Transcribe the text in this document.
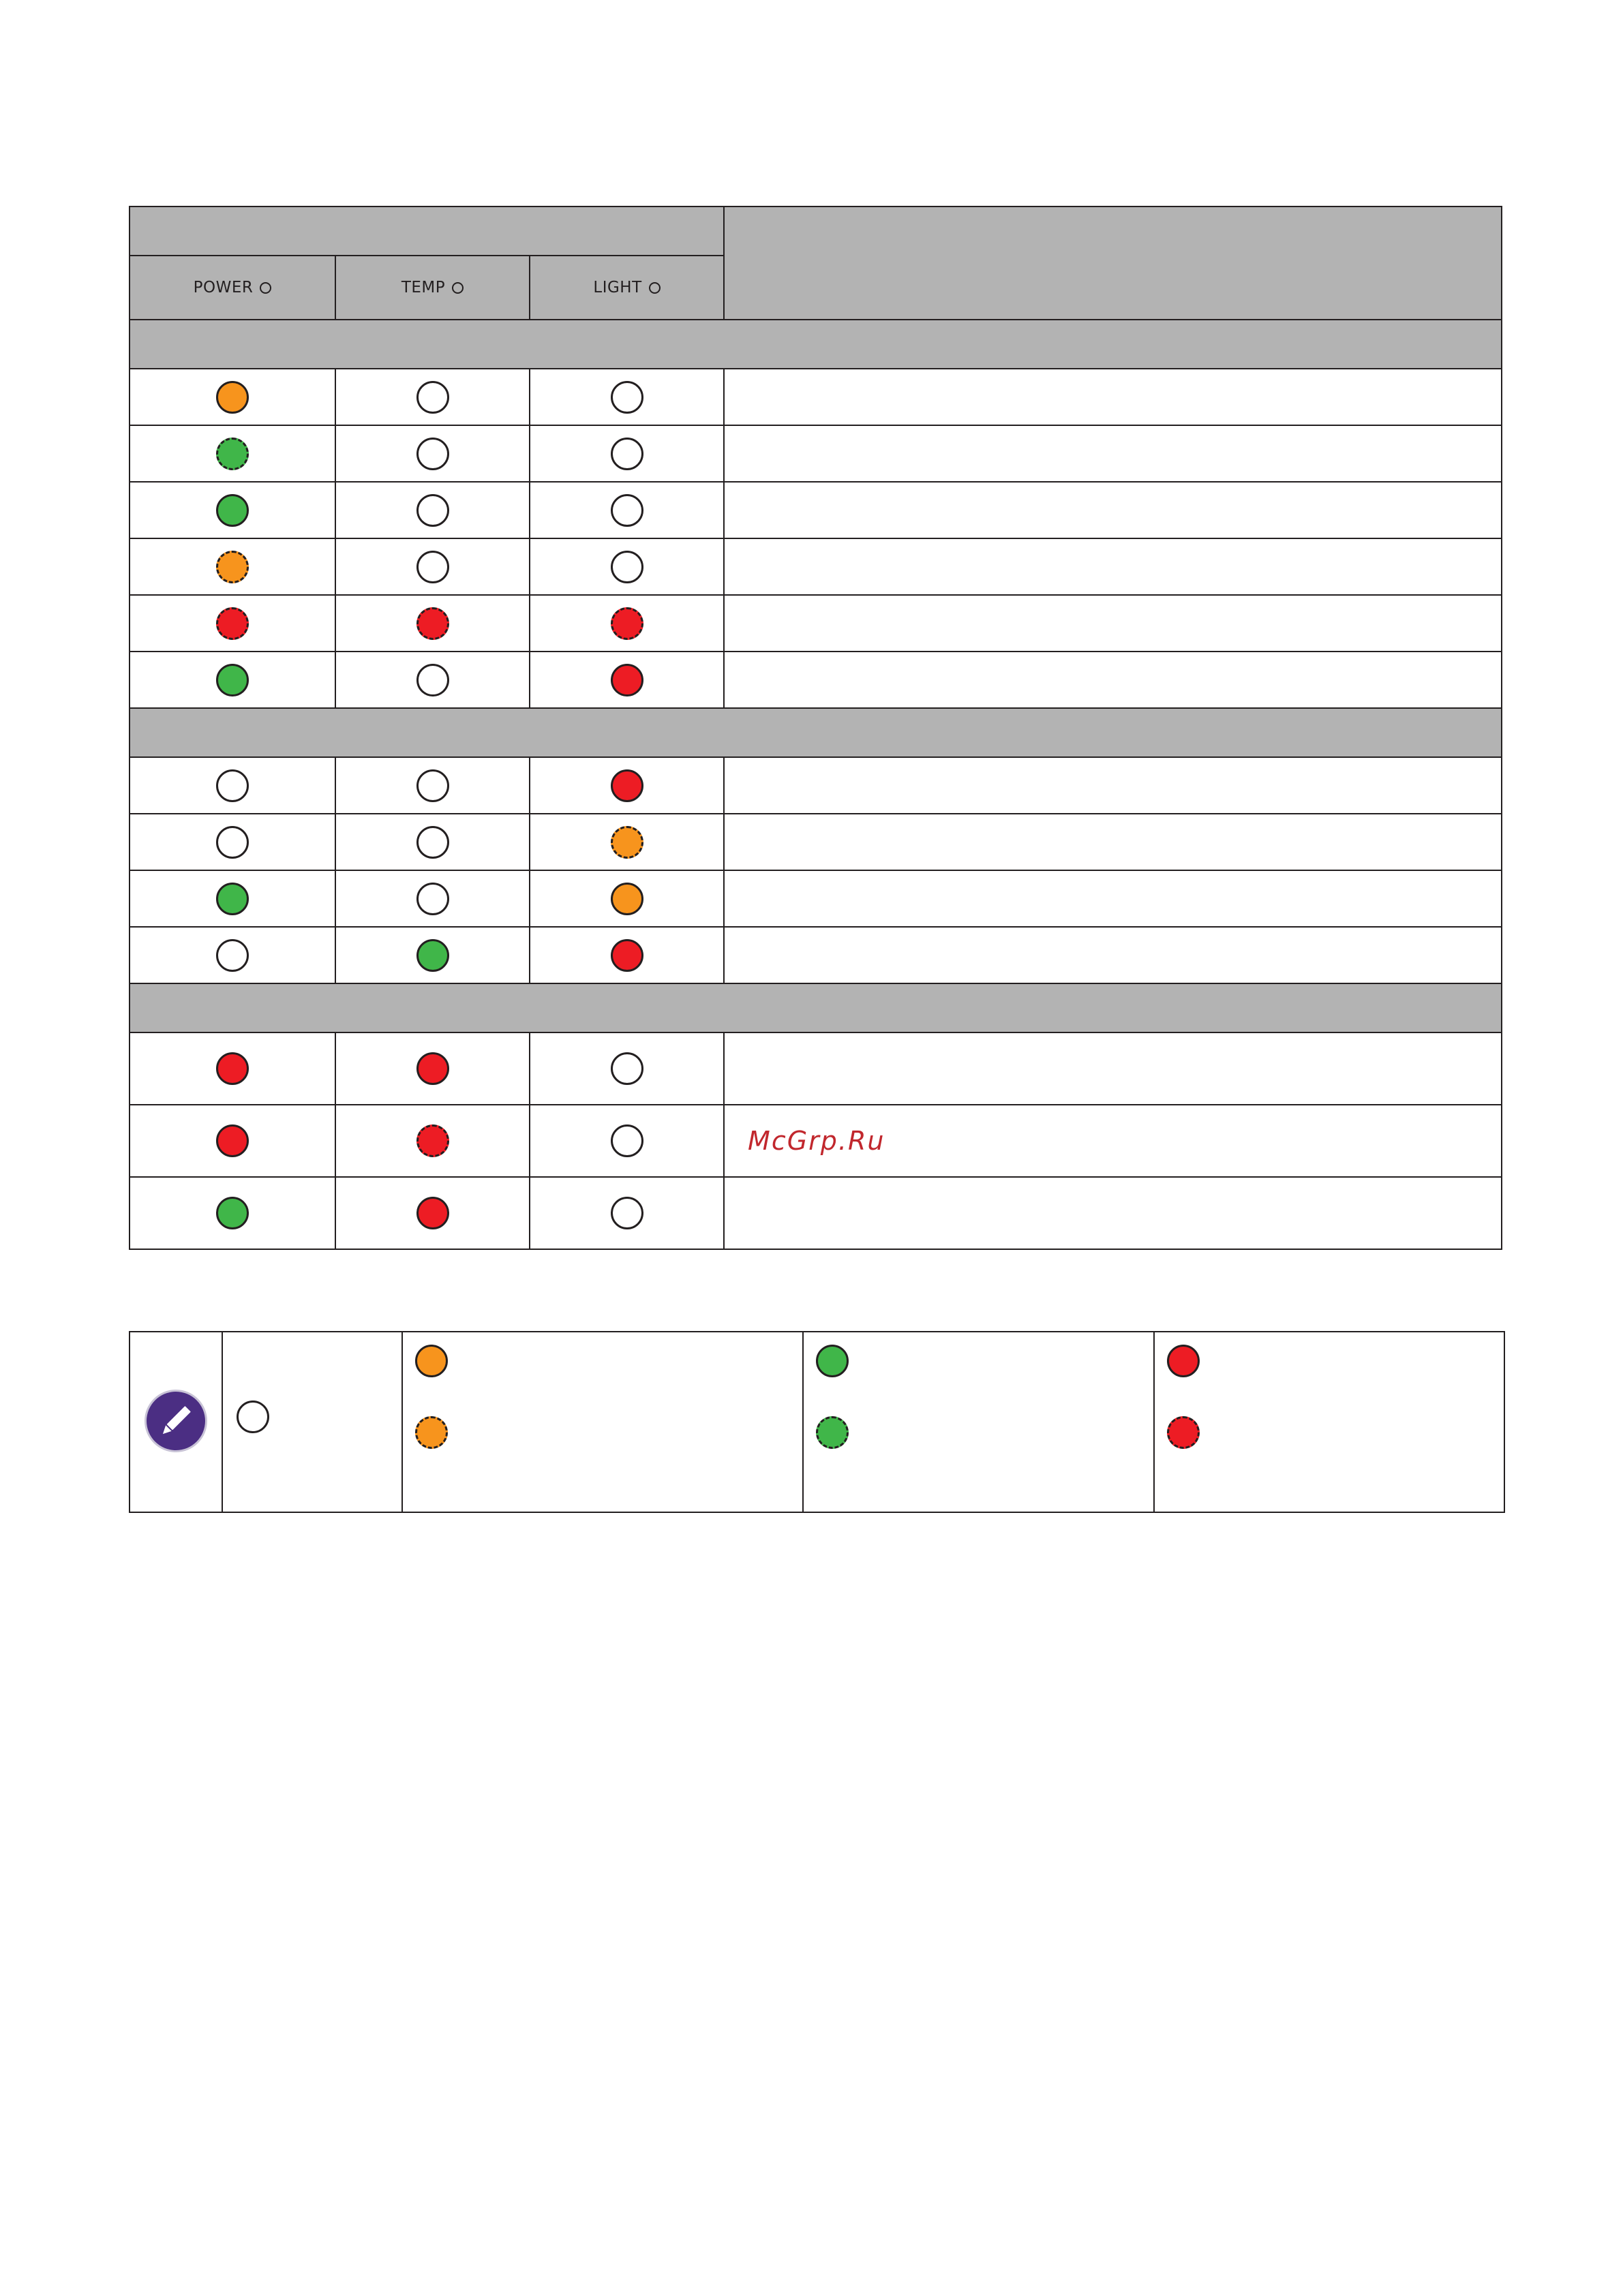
POWER	TEMP	LIGHT	

			McGrp.Ru
